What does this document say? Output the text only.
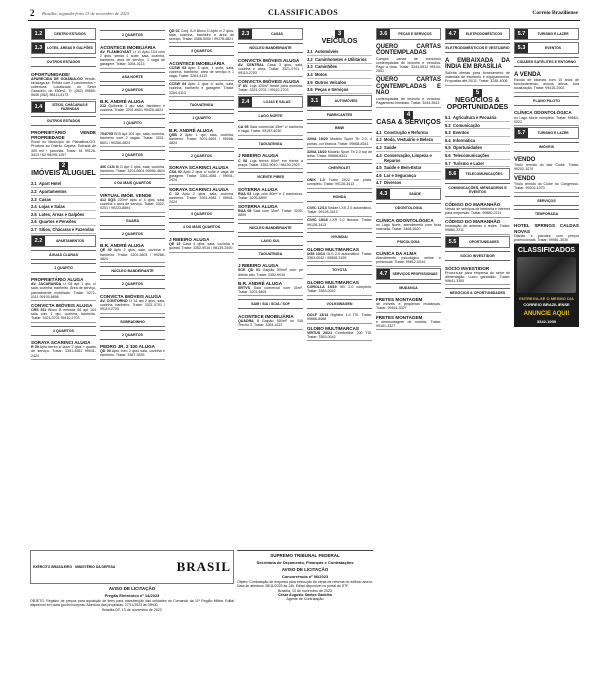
2 Brasília, segunda-feira 13 de novembro de 2023	CLASSIFICADOS	Correio Braziliense
1.2	CENTRO ESTUDOS
1.3	LOTES, ÁREAS E GALPÕES
OUTROS ESTADOS
OPORTUNIDADE!
APARECIDA DE GOIÂNIA-GO Vende-se/aluga-se. Prédio com 2 pavimentos + cobertura. Localizado no Setor Garavelo, de 450m2. TI: (062) 99669-5646 (062) 98411-5173
1.4	SÍTIOS, CHÁCARAS E FAZENDAS
OUTROS ESTADOS
PROPRIETÁRIO VENDE PROPRIEDADE
Rural no Município de Planaltina-GO. Próxima ao Distrito Capela. Entrada de 300 mil + parcelas. Tratar: 61 99128-3413 / 62 98295-1257
2
IMÓVEIS ALUGUEL
2.1 Apart Hotel
2.2 Apartamentos
2.3 Casas
2.4 Lojas e Salas
2.5 Lotes, Áreas e Galpões
2.6 Quartos e Pensões
2.7 Sítios, Chácaras e Fazendas
2.2	APARTAMENTOS
ÁGUAS CLARAS
1 QUARTO
PROPRIETÁRIO ALUGA
AV. JACARANDÁ Lt 05 apt 1 qto, c/ sala, cozinha, banheiro. Área de serviço, parcialmente mobiliado. Tratar: 3272-0111 99193-8898
CONVICTA IMÓVEIS ALUGA
CRS 511 Bloco B entrada 66 apt 104 sala com 1 qto, cozinha, banheiro. Tratar: 3321-0701 99110-2703
2 QUARTOS
SORAYA SCARINCI ALUGA
R 39 Apto térreo c/ lazer 2 qtos + quarto de serviço. Tratar: 3351-4581 99941-2424
2 QUARTOS
ACONTECE IMOBILIÁRIA
AV. FLAMBOYANT Lt 11 Apto 104 com 2 qtos, sendo 1 suíte, sala, cozinha, banheiro, área de serviço, 1 vaga de garagem. Tratar: 3264-4113
ASA NORTE
2 QUARTOS
B.R. ANDRÉ ALUGA
212 Quitinete 1 qto sala, banheiro e cozinha. Tratar: 3201-6601 99426-4824
1 QUARTO
704/705 Bl B Apt 201 qto, sala, cozinha, banheiro com 2 vagas. Tratar: 3201-6601 / 99266-4824
2 QUARTOS
406 CLN Bl D Apt 2 qtos, sala, cozinha, banheiro. Tratar: 3201-6601 99266-4824
4 OU MAIS QUARTOS
VIRTUAL IMÓB. VENDE
412 SQS 220m² apto c/ 4 qtos, sala, cozinha e área de serviço. Tratar: 3322-0201 / 99223-8894
GUARÁ
2 QUARTOS
B.R. ANDRÉ ALUGA
QE 40 Apto 2 qtos, sala, cozinha e banheiro. Tratar: 3201-6601 / 99266-4824
NÚCLEO BANDEIRANTE
2 QUARTOS
CONVICTA IMÓVEIS ALUGA
AV. CONTORNO Lt 14 apt 2 qtos, sala, cozinha, banheiro. Tratar: 3321-0701 / 99110-2703
SOBRADINHO
2 QUARTOS
PEDRO JR. 2 100 ALUGA
QD 03 Apto com 2 qtos sala, cozinha e banheiro. Tratar: 3387-3535
QD 02 Conj. A-9 Bloco D Apto c/ 2 qtos, sala, cozinha, banheiro e área de serviço. Tratar: 3386-5050 / 99178-4821
3 QUARTOS
ACONTECE IMOBILIÁRIA
CCSW 03 Apto 3 qtos, 1 suíte, sala, cozinha, banheiro, área de serviço e 1 vaga. Tratar: 3264-4113
CCSW 04 Apto 3 qtos c/ suíte, sala, cozinha, banheiro e garagem. Tratar: 3264-4113
TAGUATINGA
1 QUARTO
B.R. ANDRÉ ALUGA
QSB 2 Apto 1 qto, sala, cozinha, banheiro. Tratar: 3201-6601 / 99266-4824
2 QUARTOS
SORAYA SCARINCI ALUGA
CSA 02 Apto 2 qtos c/ suíte e vaga de garagem. Tratar: 3351-4581 / 99941-2424
SORAYA SCARINCI ALUGA
C 12 Apto 2 qtos, sala, cozinha, banheiro. Tratar: 3351-4581 / 99941-2424
3 QUARTOS
4 OU MAIS QUARTOS
J RIBEIRO ALUGA
QE 13 Casa 4 qtos, sala, cozinha e quintal. Tratar: 3352-9010 / 98139-2920
2.3	CASAS
NÚCLEO BANDEIRANTE
CONVICTA IMÓVEIS ALUGA
AV. CENTRAL Casa 3 qtos, sala, cozinha e área. Tratar: 3321-0701 / 99110-2703
CONVICTA IMÓVEIS ALUGA
3ª AV. Loja 120m² frente para avenida. Tratar: 3321-0701 / 99110-2703
2.4	LOJAS E SALAS
LAGO NORTE
CA 05 Sala comercial 45m² c/ banheiro e vaga. Tratar: 99192-4030
TAGUATINGA
J RIBEIRO ALUGA
C 08 Loja térrea 60m² em frente à praça. Tratar: 3352-9010 / 98139-2920
VICENTE PIRES
SOTERRA ALUGA
RUA 03 Loja com 80m² e 2 banheiros. Tratar: 3205-8899
SOTERRA ALUGA
RUA 08 Sala com 35m². Tratar: 3205-8899
NÚCLEO BANDEIRANTE
LAGO SUL
TAGUATINGA
J RIBEIRO ALUGA
SCE QD 01 Galpão 300m² com pé direito alto. Tratar: 3352-9010
B.R. ANDRÉ ALUGA
SRTVS Sala comercial com 30m². Tratar: 3201-6601
SAM / SIA / SCIA / SOF
ACONTECE IMOBILIÁRIA
QUADRA 3 Galpão 500m² no SIA Trecho 3. Tratar: 3264-4113
3
VEÍCULOS
3.1 Automóveis
3.2 Caminhonetes e Utilitários
3.3 Caminhões
3.4 Motos
3.5 Outros Veículos
3.6 Peças e Serviços
3.1	AUTOMÓVEIS
FABRICANTES
BMW
320iA 19/20 Modelo Sport Tb 2.0, 4 portas, cor branca. Tratar: 99668-8341
320iA 18/20 Modelo Sport Tb 2.0 top de linha. Tratar: 99668-8341
CHEVROLET
ONIX 1.0 Turbo 2022 cor prata, completo. Tratar: 99128-3413
HONDA
CIVIC 12/13 Sedan LXS 2.0 automático. Tratar: 99128-3413
CIVIC 15/16 LXR 2.0 flexone. Tratar: 99128-3413
HYUNDAI
GLOBO MULTIMARCAS
IX35 13/14 GLS 2.0 automático. Tratar: 3363-0042 / 99808-3199
TOYOTA
GLOBO MULTIMARCAS
COROLLA 19/19 XEi 2.0 completo. Tratar: 3363-0042
VOLKSWAGEN
GOLF 13/14 Highline 1.4 TSI. Tratar: 99666-8088
GLOBO MULTIMARCAS
VIRTUS 20/21 Comfortline 200 TSI. Tratar: 3363-0042
3.6	PEÇAS E SERVIÇOS
QUERO CARTAS CONTEMPLADAS
Compro cartas de consórcio contempladas de imóveis e veículos. Pago à vista. Tratar: 3244-5512 99104-2551
QUERO CARTAS CONTEMPLADAS E NÃO
contempladas de imóveis e veículos. Pagamento imediato. Tratar: 3244-5512
4
CASA & SERVIÇOS
4.1 Construção e Reforma
4.2 Moda, Vestuário e Beleza
4.3 Saúde
4.4 Conservação, Limpeza e Reparos
4.5 Saúde e Bem-Estar
4.6 Lar e Segurança
4.7 Diversos
4.3	SAÚDE
ODONTOLOGIA
CLÍNICA ODONTOLÓGICA
no Lago Norte, atendimento com hora marcada. Tratar: 3468-5520
PSICOLOGIA
CLÍNICA DA ALMA
Atendimento psicológico online e presencial. Tratar: 99812-0044
4.7	SERVIÇOS PROFISSIONAIS
MUDANÇA
FRETES MONTAGEM
de móveis e pequenas mudanças. Tratar: 99161-3327
FRETES MONTAGEM
e desmontagem de móveis. Tratar: 99161-3327
4.7	ELETRODOMÉSTICOS
ELETRODOMÉSTICOS E VESTUÁRIO
A EMBAIXADA DA ÍNDIA EM BRASÍLIA
Solicita ofertas para fornecimento de materiais de escritório e equipamentos. Propostas até 20/11. Tratar: 3248-4006
5
NEGÓCIOS & OPORTUNIDADES
5.1 Agricultura e Pecuária
5.2 Comunicação
5.3 Eventos
5.4 Informática
5.5 Oportunidades
5.6 Telecomunicações
5.7 Turismo e Lazer
5.6	TELECOMUNICAÇÕES
COMUNICAÇÕES, MENSAGENS E EVENTOS
CÓDIGO DO MARANHÃO
Venda de serviços de telefonia e internet para empresas. Tratar: 99880-2211
CÓDIGO DO MARANHÃO
Instalação de antenas e redes. Tratar: 99880-2211
5.5	OPORTUNIDADES
SÓCIO INVESTIDOR
SÓCIO INVESTIDOR
Procura-se para empresa do setor de alimentação. Lucro garantido. Tratar: 99641-3300
NEGÓCIOS & OPORTUNIDADES
5.7	TURISMO E LAZER
5.3	EVENTOS
CIDADES SATÉLITES E ENTORNO
A VENDA
Escola de idiomas com 10 anos de funcionamento, alunos ativos, boa localização. Tratar: 99415-2002
PLANO PILOTO
CLÍNICA ODONTOLÓGICA
no Lago Norte completa. Tratar: 99664-0022
5.7	TURISMO E LAZER
IMÓVEIS
VENDO
Título remido do Iate Clube. Tratar: 99202-1070
VENDO
Título remido do Clube do Congresso. Tratar: 99202-1070
SERVIÇOS
TEMPORADA
HOTEL SPRINGS CALDAS NOVAS
Diárias e pacotes com preços promocionais. Tratar: 99981-3030
CLASSIFICADOS
ENTREGA-SE O MESMO DIA
CORREIO BRAZILIENSE
ANUNCIE AQUI!
3342-1000
EXÉRCITO BRASILEIRO MINISTÉRIO DA DEFESA	BRASIL
AVISO DE LICITAÇÃO
Pregão Eletrônico nº 14/2023

OBJETO: Registro de preços para aquisição de itens para manutenção das unidades do Comando da 11ª Região Militar. Edital disponível em www.gov.br/compras. Abertura das propostas: 27/11/2023 às 09h00.

Brasília-DF, 13 de novembro de 2023
SUPREMO TRIBUNAL FEDERAL
Secretaria de Orçamento, Finanças e Contratações
AVISO DE LICITAÇÃO
Concorrência nº 06/2023

Objeto: Contratação de empresa para execução de obras de reforma do edifício anexo. Data de abertura: 28/11/2023 às 14h. Edital disponível no portal do STF.

Brasília, 10 de novembro de 2023
César Augusto Santos Gadelha
Agente de Contratação
